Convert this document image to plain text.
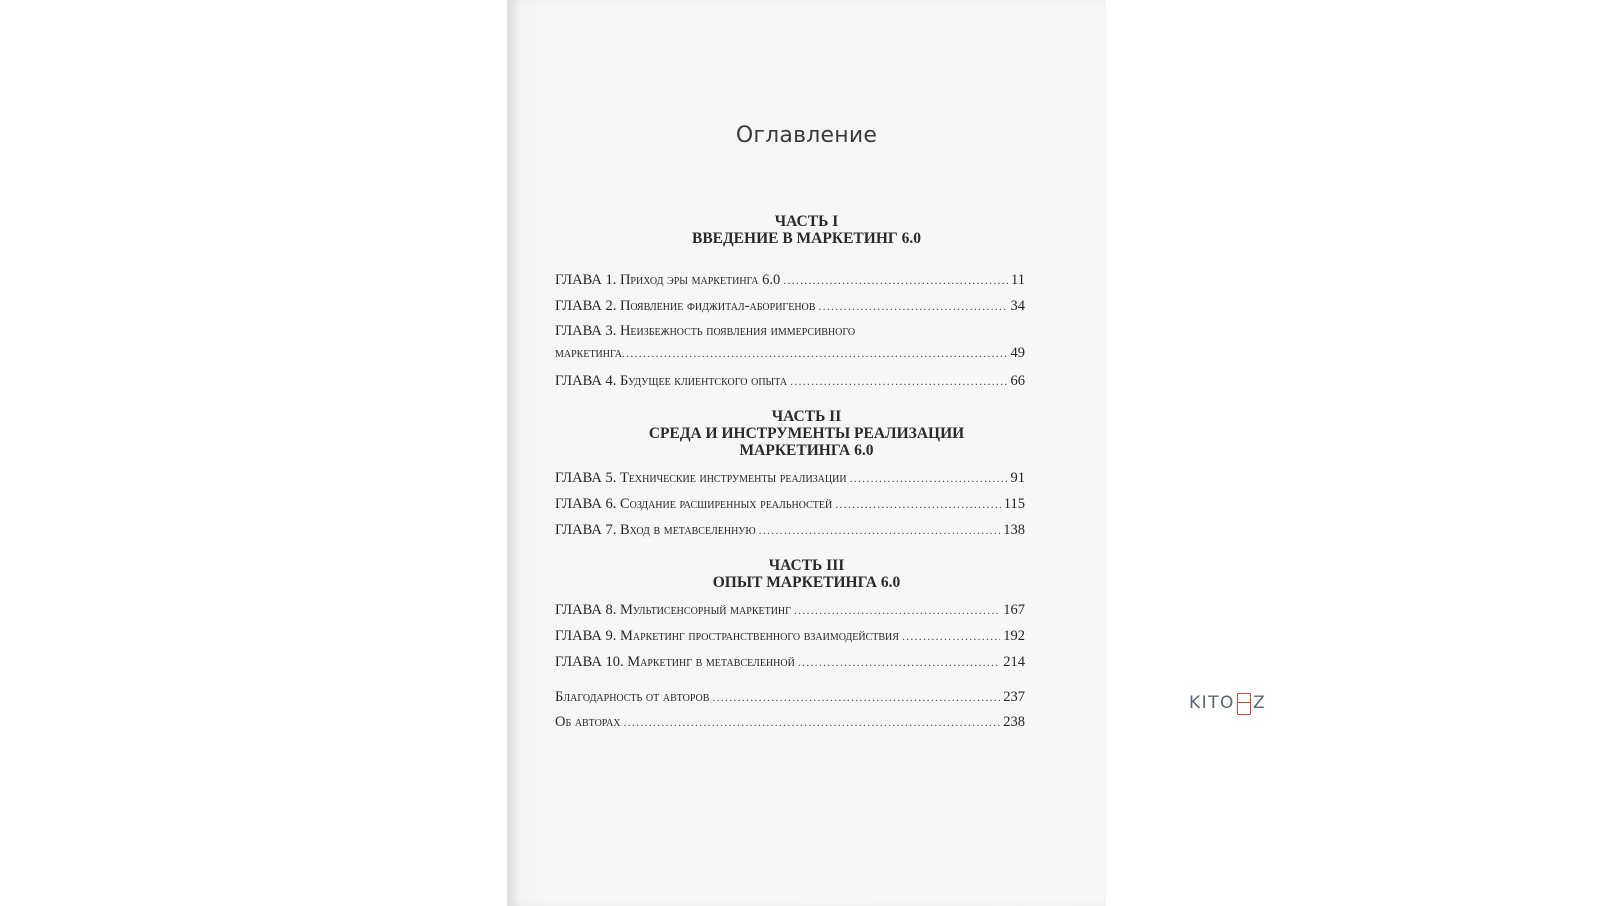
Оглавление
ЧАСТЬ I
ВВЕДЕНИЕ В МАРКЕТИНГ 6.0
ГЛАВА 1. Приход эры маркетинга 6.0 .....	11
ГЛАВА 2. Появление фиджитал-аборигенов .....	34
ГЛАВА 3. Неизбежность появления иммерсивного
маркетинга .....	49
ГЛАВА 4. Будущее клиентского опыта .....	66
ЧАСТЬ II
СРЕДА И ИНСТРУМЕНТЫ РЕАЛИЗАЦИИ
МАРКЕТИНГА 6.0
ГЛАВА 5. Технические инструменты реализации .....	91
ГЛАВА 6. Создание расширенных реальностей .....	115
ГЛАВА 7. Вход в метавселенную .....	138
ЧАСТЬ III
ОПЫТ МАРКЕТИНГА 6.0
ГЛАВА 8. Мультисенсорный маркетинг .....	167
ГЛАВА 9. Маркетинг пространственного взаимодействия .....	192
ГЛАВА 10. Маркетинг в метавселенной .....	214
Благодарность от авторов .....	237
Об авторах .....	238
KITO Z
